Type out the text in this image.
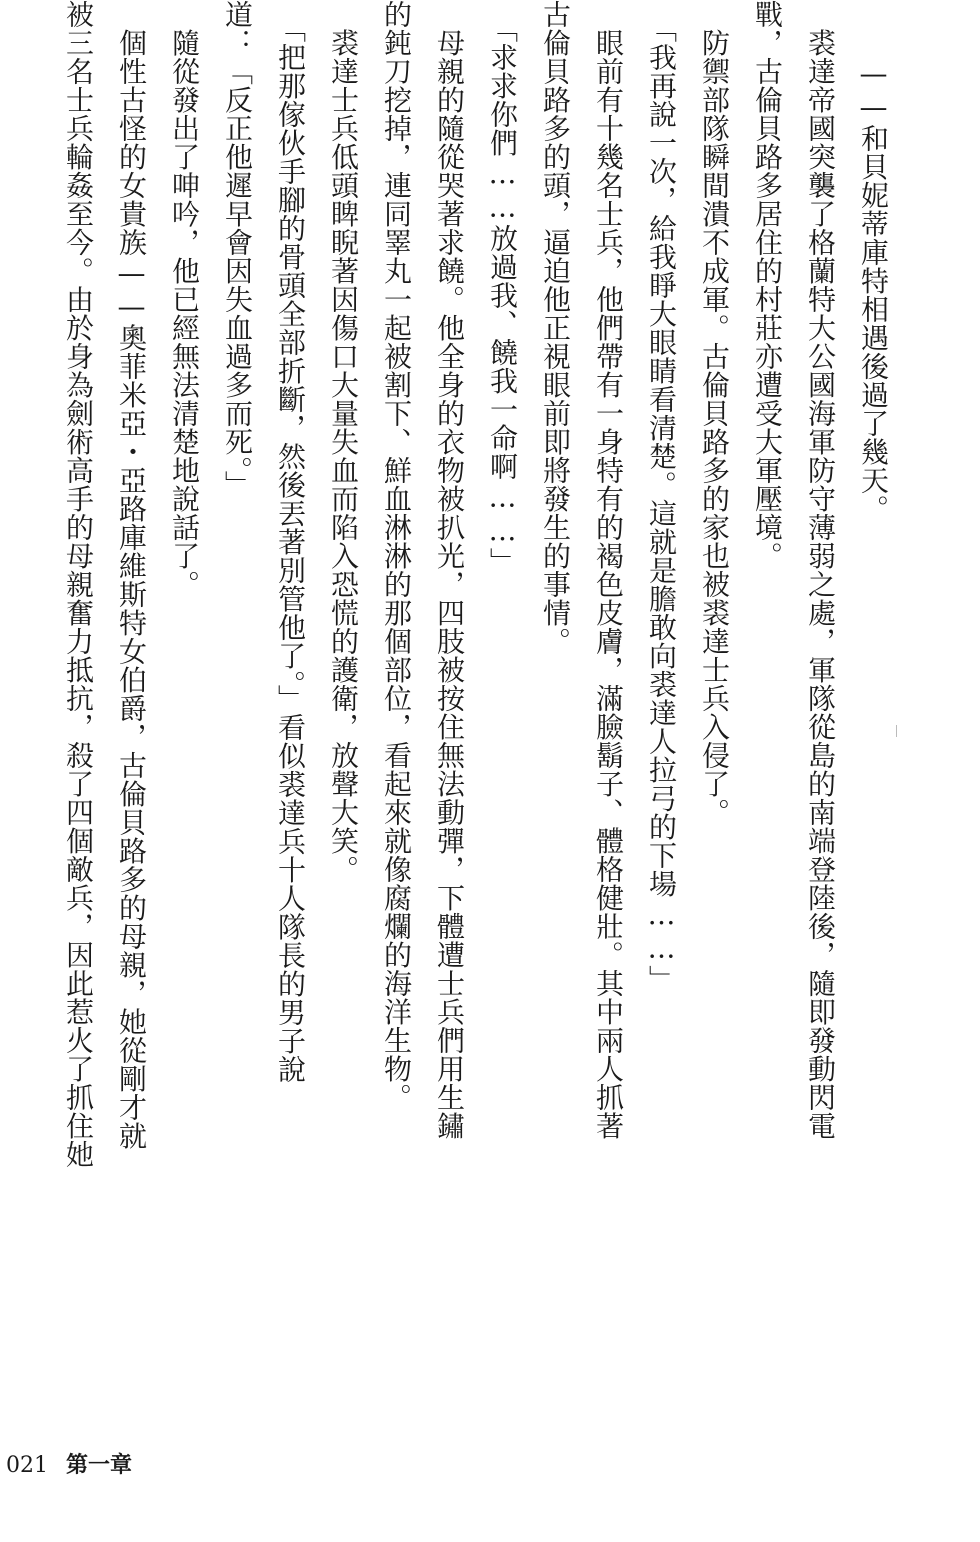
　　——和貝妮蒂庫特相遇後過了幾天。
　裘達帝國突襲了格蘭特大公國海軍防守薄弱之處，軍隊從島的南端登陸後，隨即發動閃電
戰，古倫貝路多居住的村莊亦遭受大軍壓境。
　防禦部隊瞬間潰不成軍。古倫貝路多的家也被裘達士兵入侵了。
　「我再說一次，給我睜大眼睛看清楚。這就是膽敢向裘達人拉弓的下場……」
　眼前有十幾名士兵，他們帶有一身特有的褐色皮膚，滿臉鬍子、體格健壯。其中兩人抓著
古倫貝路多的頭，逼迫他正視眼前即將發生的事情。
　「求求你們……放過我、饒我一命啊……」
　母親的隨從哭著求饒。他全身的衣物被扒光，四肢被按住無法動彈，下體遭士兵們用生鏽
的鈍刀挖掉，連同睪丸一起被割下、鮮血淋淋的那個部位，看起來就像腐爛的海洋生物。
　裘達士兵低頭睥睨著因傷口大量失血而陷入恐慌的護衛，放聲大笑。
　「把那傢伙手腳的骨頭全部折斷，然後丟著別管他了。」看似裘達兵十人隊長的男子說
道：「反正他遲早會因失血過多而死。」
　隨從發出了呻吟，他已經無法清楚地說話了。
　個性古怪的女貴族——奧菲米亞・亞路庫維斯特女伯爵，古倫貝路多的母親，她從剛才就
被三名士兵輪姦至今。由於身為劍術高手的母親奮力抵抗，殺了四個敵兵，因此惹火了抓住她
021 第一章
